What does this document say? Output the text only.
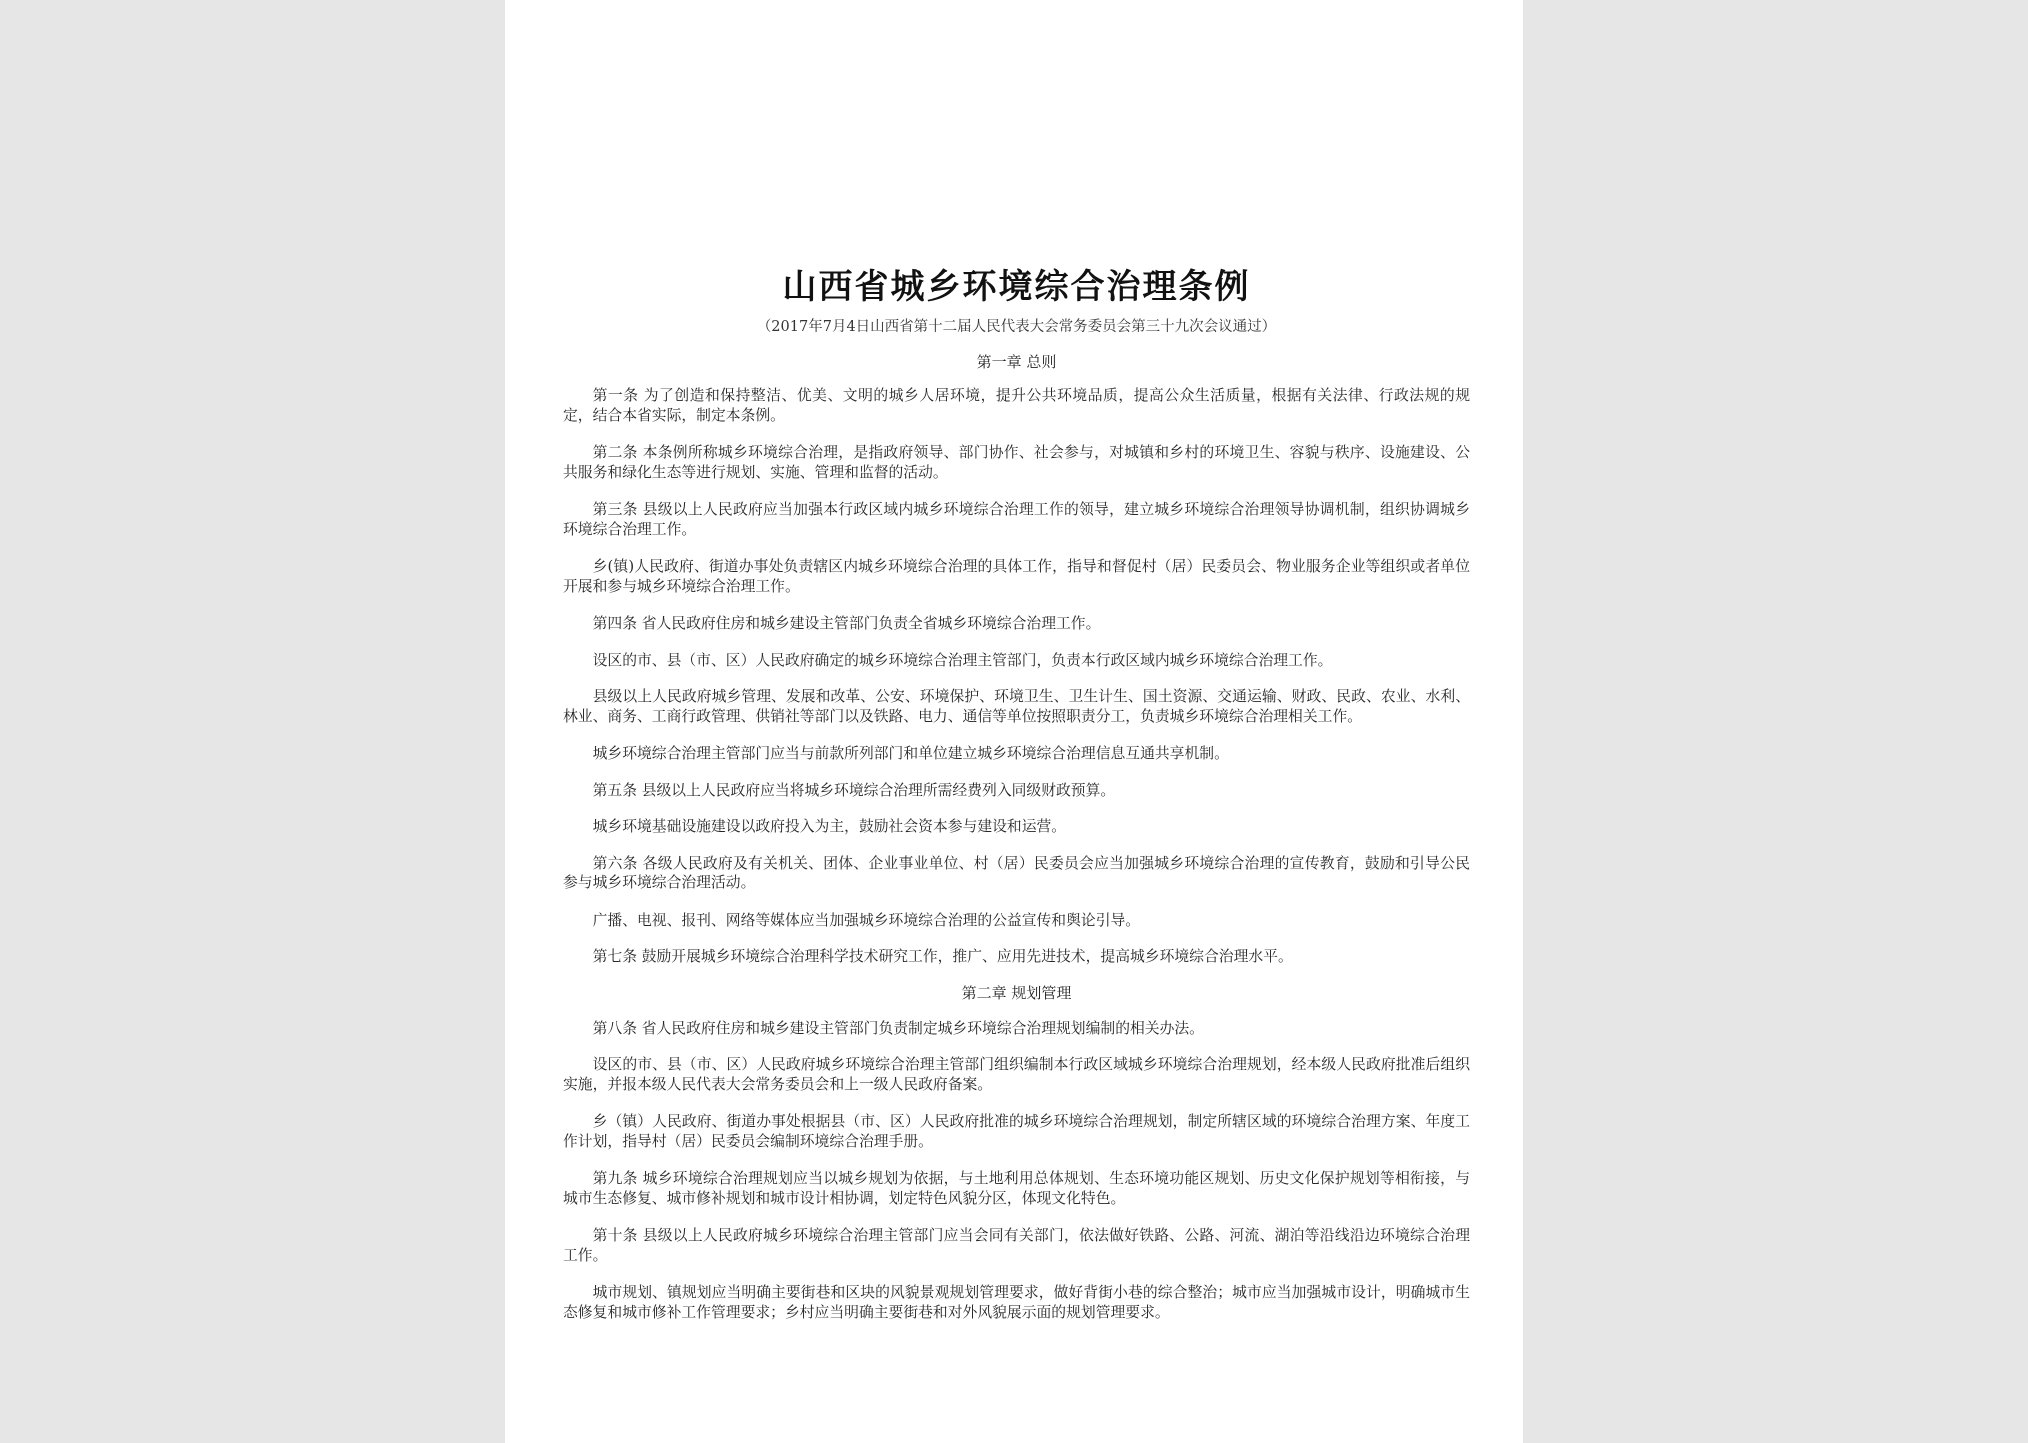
山西省城乡环境综合治理条例
（2017年7月4日山西省第十二届人民代表大会常务委员会第三十九次会议通过）
第一章 总则

第一条 为了创造和保持整洁、优美、文明的城乡人居环境，提升公共环境品质，提高公众生活质量，根据有关法律、行政法规的规定，结合本省实际，制定本条例。

第二条 本条例所称城乡环境综合治理，是指政府领导、部门协作、社会参与，对城镇和乡村的环境卫生、容貌与秩序、设施建设、公共服务和绿化生态等进行规划、实施、管理和监督的活动。

第三条 县级以上人民政府应当加强本行政区域内城乡环境综合治理工作的领导，建立城乡环境综合治理领导协调机制，组织协调城乡环境综合治理工作。

乡(镇)人民政府、街道办事处负责辖区内城乡环境综合治理的具体工作，指导和督促村（居）民委员会、物业服务企业等组织或者单位开展和参与城乡环境综合治理工作。

第四条 省人民政府住房和城乡建设主管部门负责全省城乡环境综合治理工作。

设区的市、县（市、区）人民政府确定的城乡环境综合治理主管部门，负责本行政区域内城乡环境综合治理工作。

县级以上人民政府城乡管理、发展和改革、公安、环境保护、环境卫生、卫生计生、国土资源、交通运输、财政、民政、农业、水利、林业、商务、工商行政管理、供销社等部门以及铁路、电力、通信等单位按照职责分工，负责城乡环境综合治理相关工作。

城乡环境综合治理主管部门应当与前款所列部门和单位建立城乡环境综合治理信息互通共享机制。

第五条 县级以上人民政府应当将城乡环境综合治理所需经费列入同级财政预算。

城乡环境基础设施建设以政府投入为主，鼓励社会资本参与建设和运营。

第六条 各级人民政府及有关机关、团体、企业事业单位、村（居）民委员会应当加强城乡环境综合治理的宣传教育，鼓励和引导公民参与城乡环境综合治理活动。

广播、电视、报刊、网络等媒体应当加强城乡环境综合治理的公益宣传和舆论引导。

第七条 鼓励开展城乡环境综合治理科学技术研究工作，推广、应用先进技术，提高城乡环境综合治理水平。

第二章 规划管理

第八条 省人民政府住房和城乡建设主管部门负责制定城乡环境综合治理规划编制的相关办法。

设区的市、县（市、区）人民政府城乡环境综合治理主管部门组织编制本行政区域城乡环境综合治理规划，经本级人民政府批准后组织实施，并报本级人民代表大会常务委员会和上一级人民政府备案。

乡（镇）人民政府、街道办事处根据县（市、区）人民政府批准的城乡环境综合治理规划，制定所辖区域的环境综合治理方案、年度工作计划，指导村（居）民委员会编制环境综合治理手册。

第九条 城乡环境综合治理规划应当以城乡规划为依据，与土地利用总体规划、生态环境功能区规划、历史文化保护规划等相衔接，与城市生态修复、城市修补规划和城市设计相协调，划定特色风貌分区，体现文化特色。

第十条 县级以上人民政府城乡环境综合治理主管部门应当会同有关部门，依法做好铁路、公路、河流、湖泊等沿线沿边环境综合治理工作。

城市规划、镇规划应当明确主要街巷和区块的风貌景观规划管理要求，做好背街小巷的综合整治；城市应当加强城市设计，明确城市生态修复和城市修补工作管理要求；乡村应当明确主要街巷和对外风貌展示面的规划管理要求。
